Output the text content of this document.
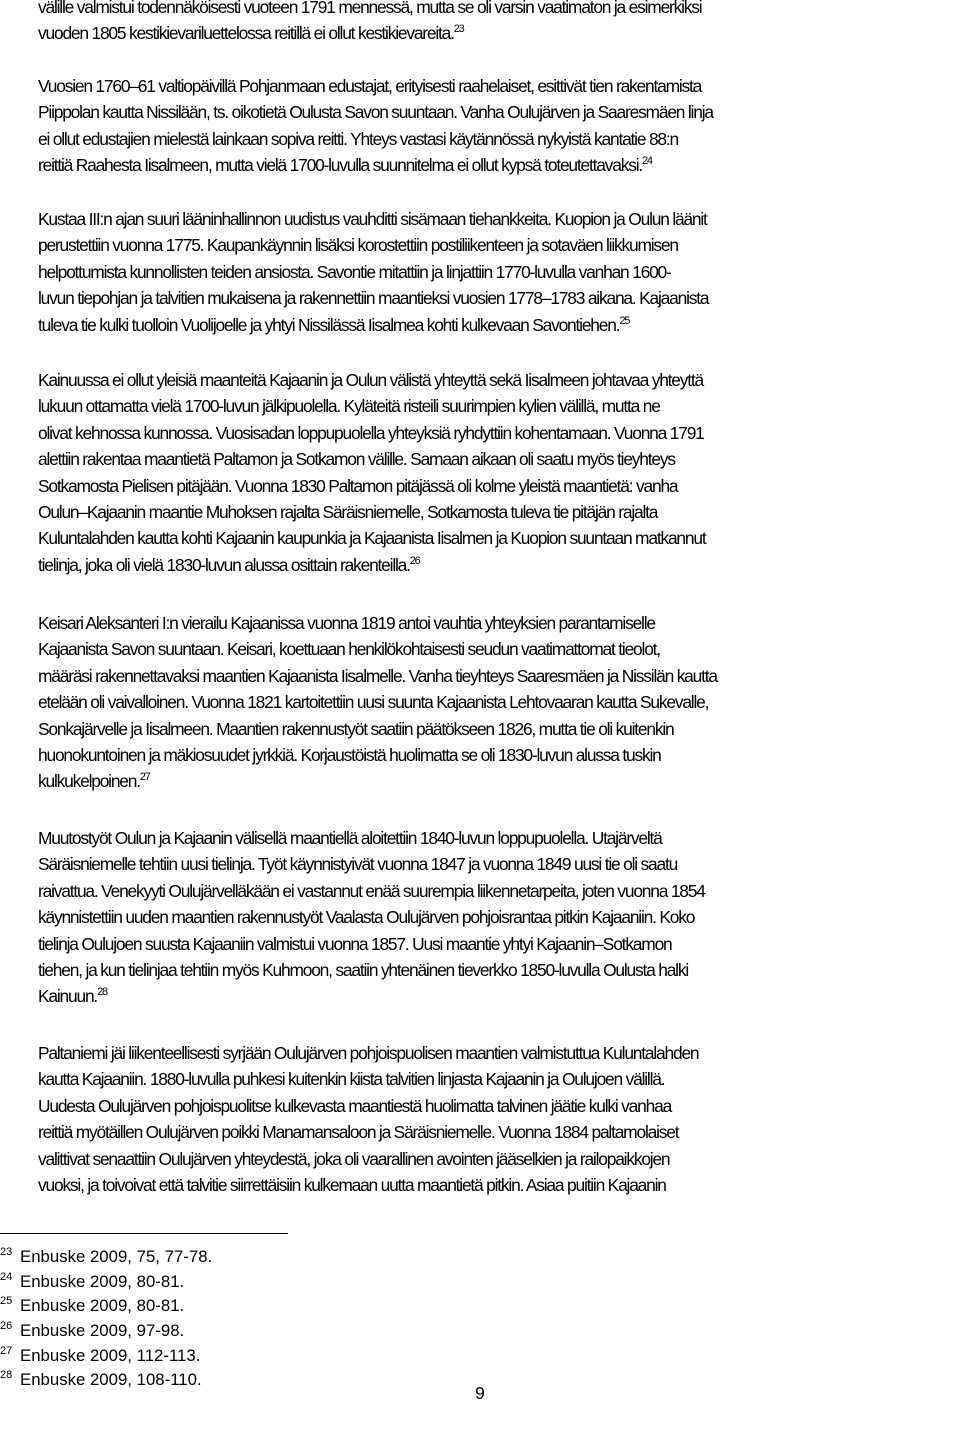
välille valmistui todennäköisesti vuoteen 1791 mennessä, mutta se oli varsin vaatimaton ja esimerkiksi
vuoden 1805 kestikievariluettelossa reitillä ei ollut kestikievareita.$^{23}$
Vuosien 1760–61 valtiopäivillä Pohjanmaan edustajat, erityisesti raahelaiset, esittivät tien rakentamista
Piippolan kautta Nissilään, ts. oikotietä Oulusta Savon suuntaan. Vanha Oulujärven ja Saaresmäen linja
ei ollut edustajien mielestä lainkaan sopiva reitti. Yhteys vastasi käytännössä nykyistä kantatie 88:n
reittiä Raahesta Iisalmeen, mutta vielä 1700-luvulla suunnitelma ei ollut kypsä toteutettavaksi.$^{24}$
Kustaa III:n ajan suuri lääninhallinnon uudistus vauhditti sisämaan tiehankkeita. Kuopion ja Oulun läänit
perustettiin vuonna 1775. Kaupankäynnin lisäksi korostettiin postiliikenteen ja sotaväen liikkumisen
helpottumista kunnollisten teiden ansiosta. Savontie mitattiin ja linjattiin 1770-luvulla vanhan 1600-
luvun tiepohjan ja talvitien mukaisena ja rakennettiin maantieksi vuosien 1778–1783 aikana. Kajaanista
tuleva tie kulki tuolloin Vuolijoelle ja yhtyi Nissilässä Iisalmea kohti kulkevaan Savontiehen.$^{25}$
Kainuussa ei ollut yleisiä maanteitä Kajaanin ja Oulun välistä yhteyttä sekä Iisalmeen johtavaa yhteyttä
lukuun ottamatta vielä 1700-luvun jälkipuolella. Kyläteitä risteili suurimpien kylien välillä, mutta ne
olivat kehnossa kunnossa. Vuosisadan loppupuolella yhteyksiä ryhdyttiin kohentamaan. Vuonna 1791
alettiin rakentaa maantietä Paltamon ja Sotkamon välille. Samaan aikaan oli saatu myös tieyhteys
Sotkamosta Pielisen pitäjään. Vuonna 1830 Paltamon pitäjässä oli kolme yleistä maantietä: vanha
Oulun–Kajaanin maantie Muhoksen rajalta Säräisniemelle, Sotkamosta tuleva tie pitäjän rajalta
Kuluntalahden kautta kohti Kajaanin kaupunkia ja Kajaanista Iisalmen ja Kuopion suuntaan matkannut
tielinja, joka oli vielä 1830-luvun alussa osittain rakenteilla.$^{26}$
Keisari Aleksanteri I:n vierailu Kajaanissa vuonna 1819 antoi vauhtia yhteyksien parantamiselle
Kajaanista Savon suuntaan. Keisari, koettuaan henkilökohtaisesti seudun vaatimattomat tieolot,
määräsi rakennettavaksi maantien Kajaanista Iisalmelle. Vanha tieyhteys Saaresmäen ja Nissilän kautta
etelään oli vaivalloinen. Vuonna 1821 kartoitettiin uusi suunta Kajaanista Lehtovaaran kautta Sukevalle,
Sonkajärvelle ja Iisalmeen. Maantien rakennustyöt saatiin päätökseen 1826, mutta tie oli kuitenkin
huonokuntoinen ja mäkiosuudet jyrkkiä. Korjaustöistä huolimatta se oli 1830-luvun alussa tuskin
kulkukelpoinen.$^{27}$
Muutostyöt Oulun ja Kajaanin välisellä maantiellä aloitettiin 1840-luvun loppupuolella. Utajärveltä
Säräisniemelle tehtiin uusi tielinja. Työt käynnistyivät vuonna 1847 ja vuonna 1849 uusi tie oli saatu
raivattua. Venekyyti Oulujärvelläkään ei vastannut enää suurempia liikennetarpeita, joten vuonna 1854
käynnistettiin uuden maantien rakennustyöt Vaalasta Oulujärven pohjoisrantaa pitkin Kajaaniin. Koko
tielinja Oulujoen suusta Kajaaniin valmistui vuonna 1857. Uusi maantie yhtyi Kajaanin–Sotkamon
tiehen, ja kun tielinjaa tehtiin myös Kuhmoon, saatiin yhtenäinen tieverkko 1850-luvulla Oulusta halki
Kainuun.$^{28}$
Paltaniemi jäi liikenteellisesti syrjään Oulujärven pohjoispuolisen maantien valmistuttua Kuluntalahden
kautta Kajaaniin. 1880-luvulla puhkesi kuitenkin kiista talvitien linjasta Kajaanin ja Oulujoen välillä.
Uudesta Oulujärven pohjoispuolitse kulkevasta maantiestä huolimatta talvinen jäätie kulki vanhaa
reittiä myötäillen Oulujärven poikki Manamansaloon ja Säräisniemelle. Vuonna 1884 paltamolaiset
valittivat senaattiin Oulujärven yhteydestä, joka oli vaarallinen avointen jääselkien ja railopaikkojen
vuoksi, ja toivoivat että talvitie siirrettäisiin kulkemaan uutta maantietä pitkin. Asiaa puitiin Kajaanin
$^{23}$ Enbuske 2009, 75, 77-78.
$^{24}$ Enbuske 2009, 80-81.
$^{25}$ Enbuske 2009, 80-81.
$^{26}$ Enbuske 2009, 97-98.
$^{27}$ Enbuske 2009, 112-113.
$^{28}$ Enbuske 2009, 108-110.
9
